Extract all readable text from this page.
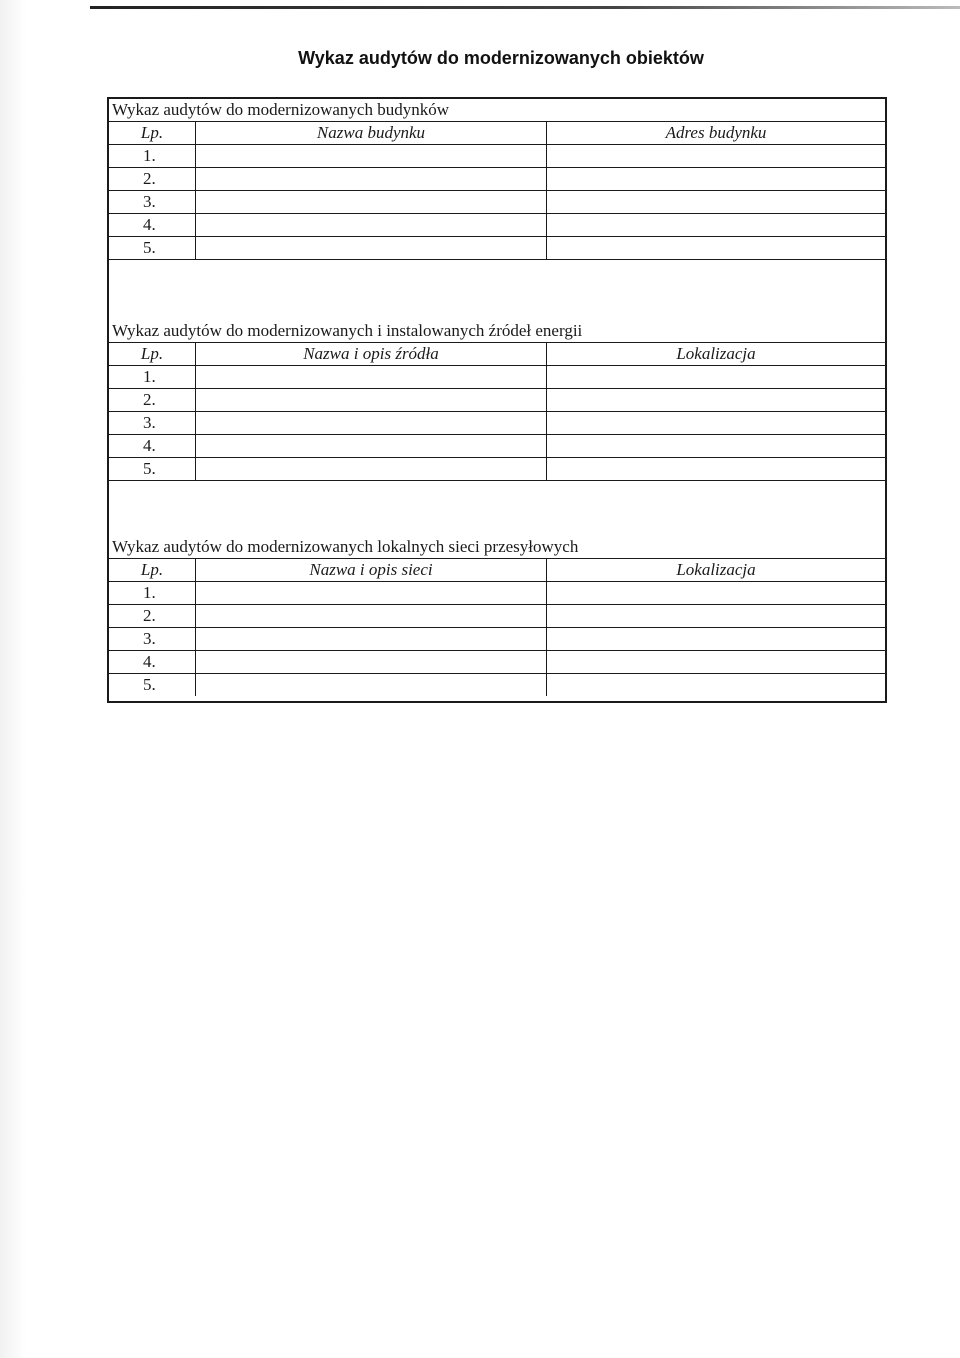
Wykaz audytów do modernizowanych obiektów
Wykaz audytów do modernizowanych budynków
Lp.	Nazwa budynku	Adres budynku
1.		
2.		
3.		
4.		
5.		
Wykaz audytów do modernizowanych i instalowanych źródeł energii
Lp.	Nazwa i opis źródła	Lokalizacja
1.		
2.		
3.		
4.		
5.		
Wykaz audytów do modernizowanych lokalnych sieci przesyłowych
Lp.	Nazwa i opis sieci	Lokalizacja
1.		
2.		
3.		
4.		
5.		
